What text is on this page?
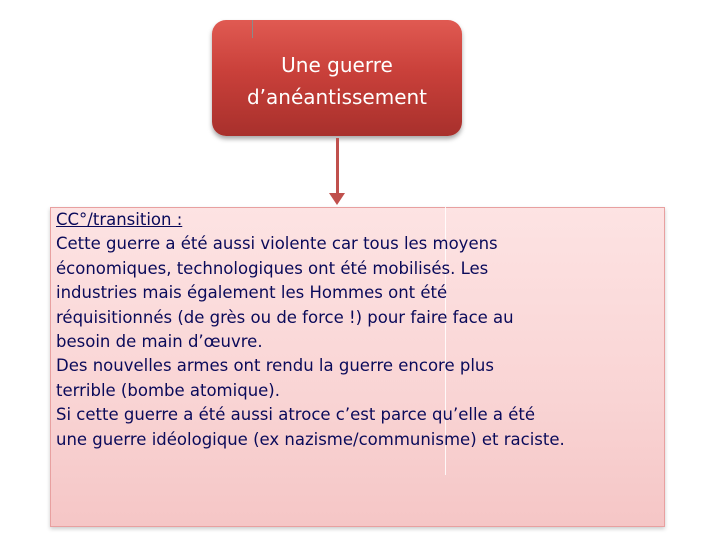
Une guerre
d’anéantissement

CC°/transition :

Cette guerre a été aussi violente car tous les moyens

économiques, technologiques ont été mobilisés. Les

industries mais également les Hommes ont été

réquisitionnés (de grès ou de force !) pour faire face au

besoin de main d’œuvre.

Des nouvelles armes ont rendu la guerre encore plus

terrible (bombe atomique).

Si cette guerre a été aussi atroce c’est parce qu’elle a été

une guerre idéologique (ex nazisme/communisme) et raciste.
